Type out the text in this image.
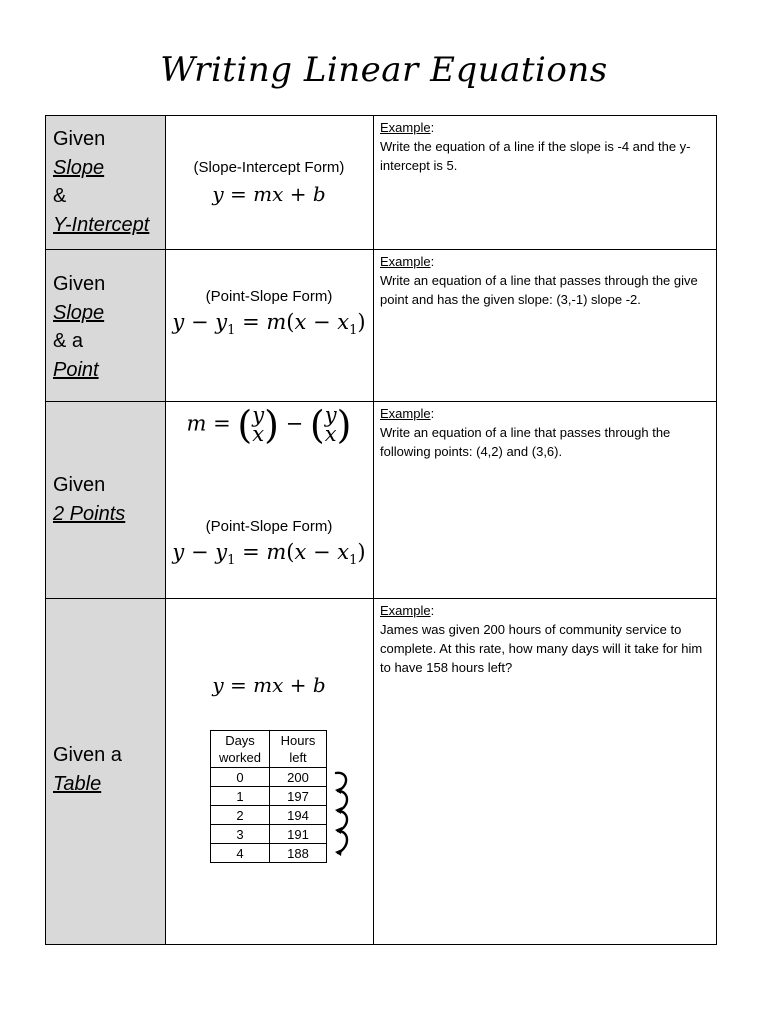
Writing Linear Equations
Given
Slope
&
Y-Intercept
(Slope-Intercept Form)
y = mx + b
Example:
Write the equation of a line if the slope is -4 and the y-intercept is 5.
Given
Slope
& a
Point
(Point-Slope Form)
$y - y_1 = m(x - x_1)$
Example:
Write an equation of a line that passes through the give point and has the given slope: (3,-1) slope -2.
Given
2 Points
m = ( y
x ) − ( y
x )
(Point-Slope Form)
$y - y_1 = m(x - x_1)$
Example:
Write an equation of a line that passes through the following points: (4,2) and (3,6).
Given a
Table
y = mx + b
Days
worked	Hours
left
0	200
1	197
2	194
3	191
4	188
Example:
James was given 200 hours of community service to complete. At this rate, how many days will it take for him to have 158 hours left?
